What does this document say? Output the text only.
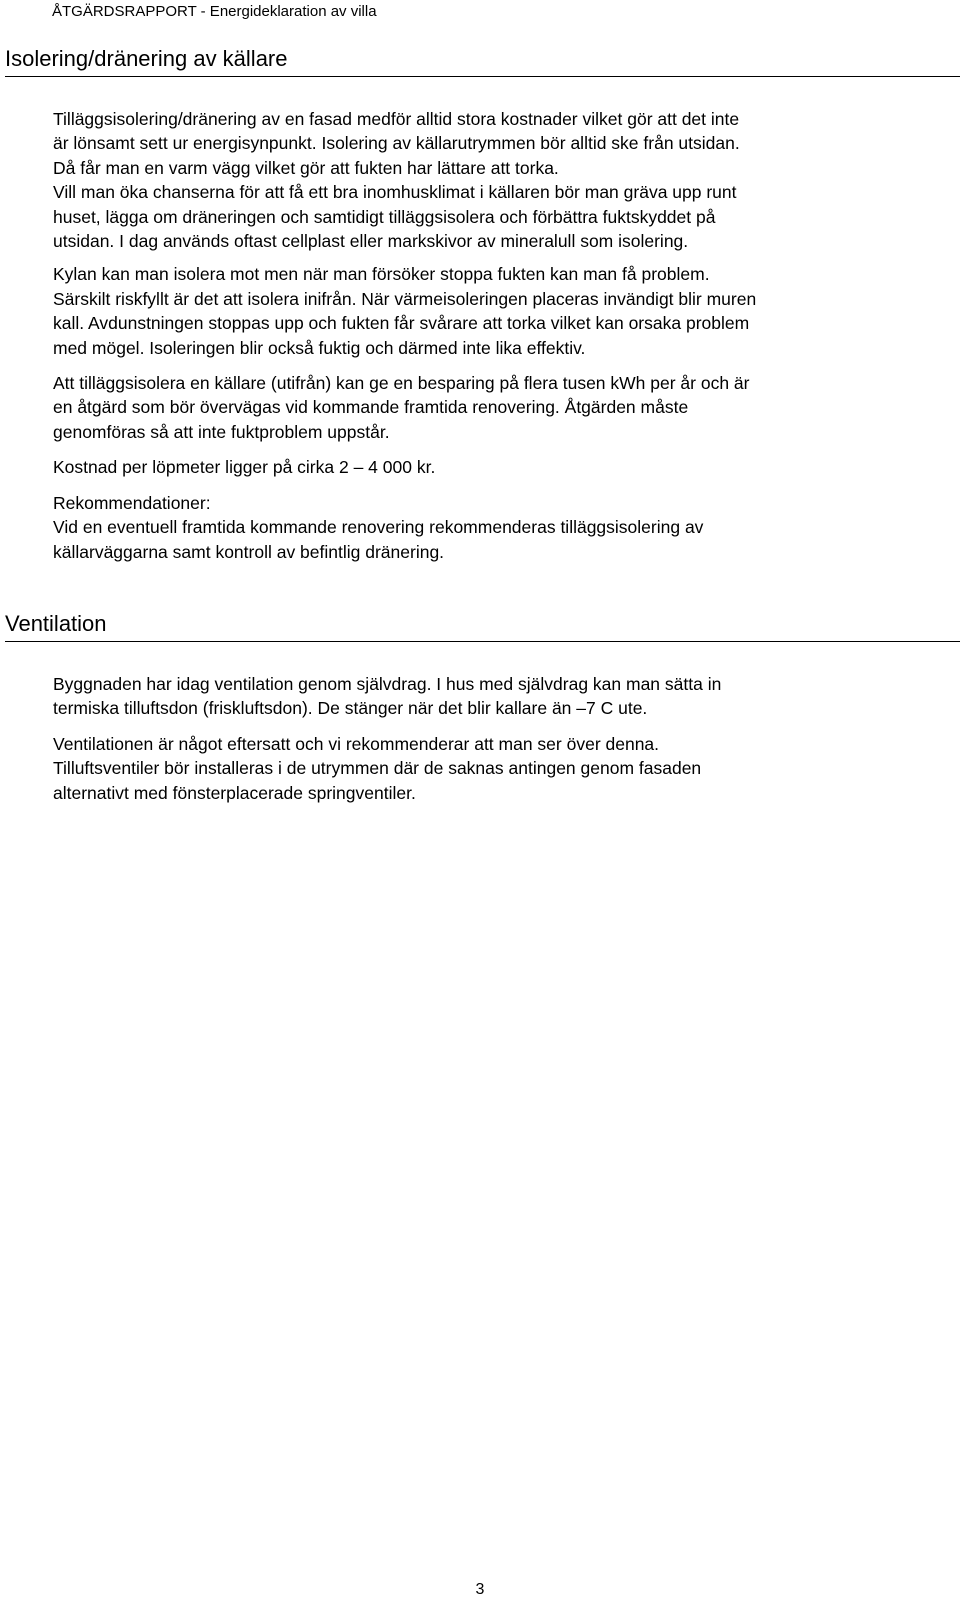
ÅTGÄRDSRAPPORT - Energideklaration av villa
Isolering/dränering av källare
Tilläggsisolering/dränering av en fasad medför alltid stora kostnader vilket gör att det inte
är lönsamt sett ur energisynpunkt. Isolering av källarutrymmen bör alltid ske från utsidan.
Då får man en varm vägg vilket gör att fukten har lättare att torka.
Vill man öka chanserna för att få ett bra inomhusklimat i källaren bör man gräva upp runt
huset, lägga om dräneringen och samtidigt tilläggsisolera och förbättra fuktskyddet på
utsidan. I dag används oftast cellplast eller markskivor av mineralull som isolering.
Kylan kan man isolera mot men när man försöker stoppa fukten kan man få problem.
Särskilt riskfyllt är det att isolera inifrån. När värmeisoleringen placeras invändigt blir muren
kall. Avdunstningen stoppas upp och fukten får svårare att torka vilket kan orsaka problem
med mögel. Isoleringen blir också fuktig och därmed inte lika effektiv.
Att tilläggsisolera en källare (utifrån) kan ge en besparing på flera tusen kWh per år och är
en åtgärd som bör övervägas vid kommande framtida renovering. Åtgärden måste
genomföras så att inte fuktproblem uppstår.
Kostnad per löpmeter ligger på cirka 2 – 4 000 kr.
Rekommendationer:
Vid en eventuell framtida kommande renovering rekommenderas tilläggsisolering av
källarväggarna samt kontroll av befintlig dränering.
Ventilation
Byggnaden har idag ventilation genom självdrag. I hus med självdrag kan man sätta in
termiska tilluftsdon (friskluftsdon). De stänger när det blir kallare än –7 C ute.
Ventilationen är något eftersatt och vi rekommenderar att man ser över denna.
Tilluftsventiler bör installeras i de utrymmen där de saknas antingen genom fasaden
alternativt med fönsterplacerade springventiler.
3
